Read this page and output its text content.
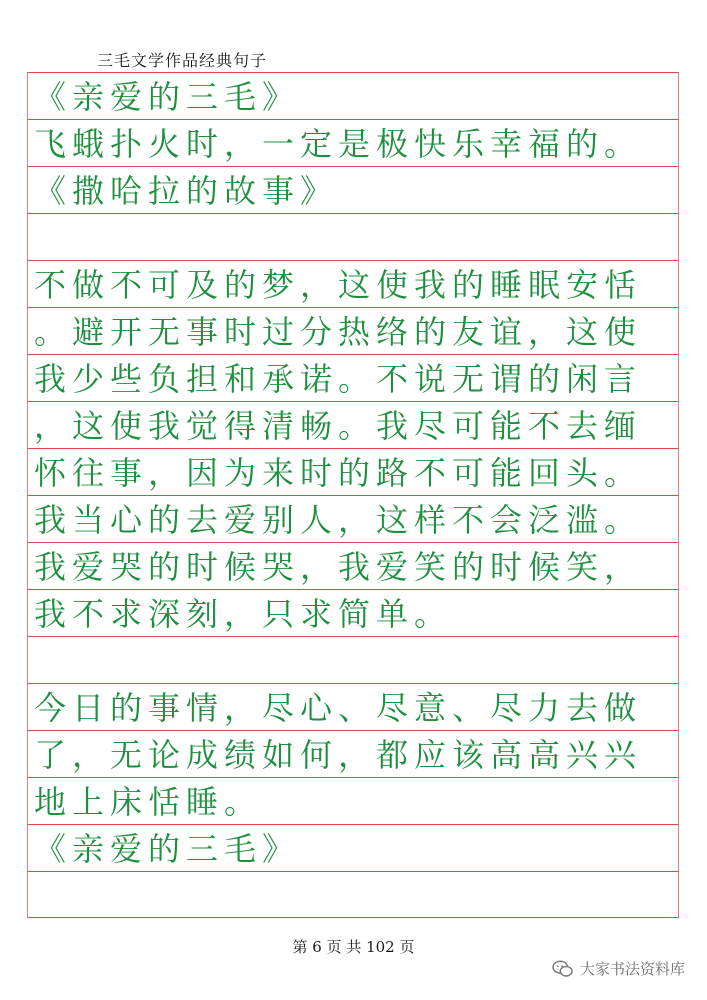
三毛文学作品经典句子
《亲爱的三毛》
飞蛾扑火时，一定是极快乐幸福的。
《撒哈拉的故事》
不做不可及的梦，这使我的睡眠安恬
。避开无事时过分热络的友谊，这使
我少些负担和承诺。不说无谓的闲言
，这使我觉得清畅。我尽可能不去缅
怀往事，因为来时的路不可能回头。
我当心的去爱别人，这样不会泛滥。
我爱哭的时候哭，我爱笑的时候笑，
我不求深刻，只求简单。
今日的事情，尽心、尽意、尽力去做
了，无论成绩如何，都应该高高兴兴
地上床恬睡。
《亲爱的三毛》
第 6 页 共 102 页
大家书法资料库
